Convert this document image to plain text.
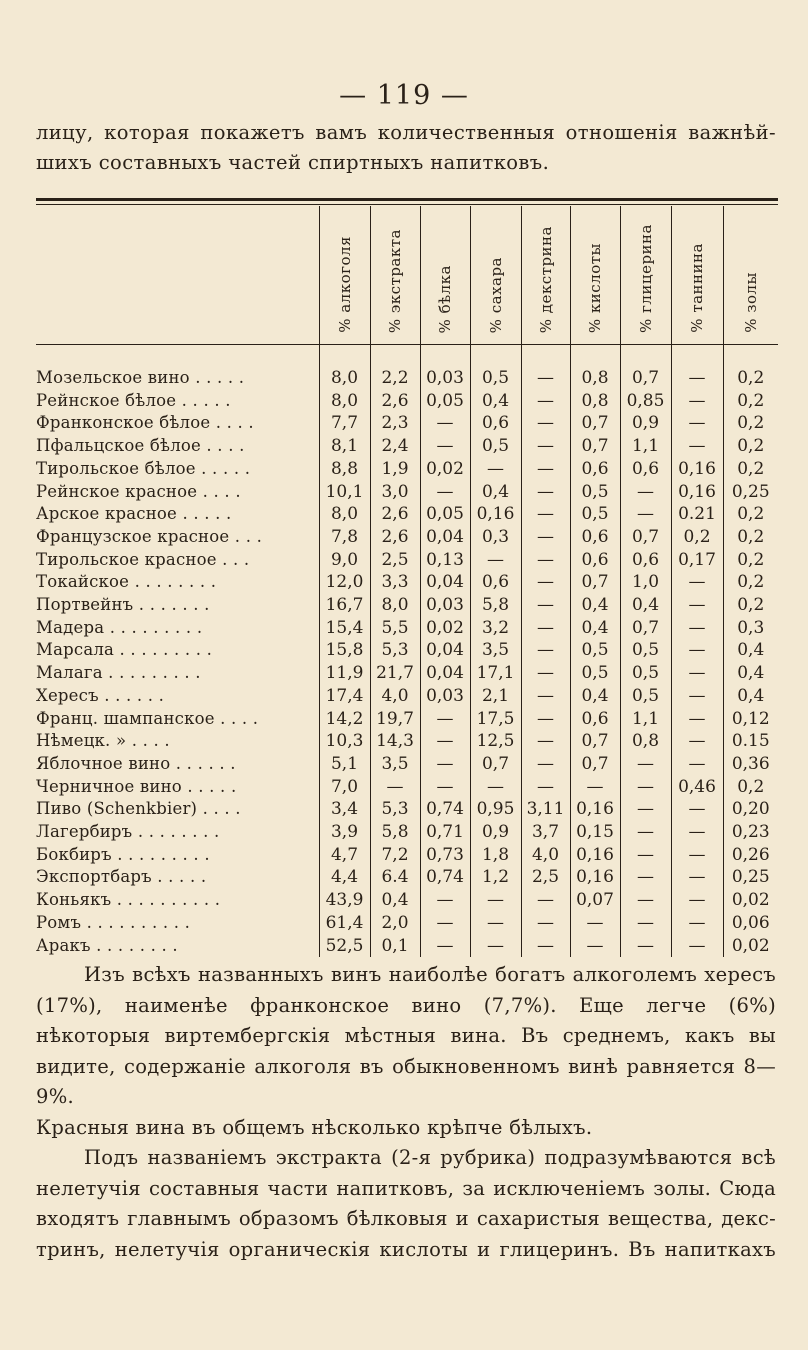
— 119 —
лицу, которая покажетъ вамъ количественныя отношенія важнѣй-
шихъ составныхъ частей спиртныхъ напитковъ.
	% алкоголя	% экстракта	% бѣлка	% сахара	% декстрина	% кислоты	% глицерина	% таннина	% золы
Мозельское вино . . . . .	8,0	2,2	0,03	0,5	—	0,8	0,7	—	0,2
Рейнское бѣлое . . . . .	8,0	2,6	0,05	0,4	—	0,8	0,85	—	0,2
Франконское бѣлое . . . .	7,7	2,3	—	0,6	—	0,7	0,9	—	0,2
Пфальцское бѣлое . . . .	8,1	2,4	—	0,5	—	0,7	1,1	—	0,2
Тирольское бѣлое . . . . .	8,8	1,9	0,02	—	—	0,6	0,6	0,16	0,2
Рейнское красное . . . .	10,1	3,0	—	0,4	—	0,5	—	0,16	0,25
Арское красное . . . . .	8,0	2,6	0,05	0,16	—	0,5	—	0.21	0,2
Французское красное . . .	7,8	2,6	0,04	0,3	—	0,6	0,7	0,2	0,2
Тирольское красное . . .	9,0	2,5	0,13	—	—	0,6	0,6	0,17	0,2
Токайское . . . . . . . .	12,0	3,3	0,04	0,6	—	0,7	1,0	—	0,2
Портвейнъ . . . . . . .	16,7	8,0	0,03	5,8	—	0,4	0,4	—	0,2
Мадера . . . . . . . . .	15,4	5,5	0,02	3,2	—	0,4	0,7	—	0,3
Марсала . . . . . . . . .	15,8	5,3	0,04	3,5	—	0,5	0,5	—	0,4
Малага . . . . . . . . .	11,9	21,7	0,04	17,1	—	0,5	0,5	—	0,4
Хересъ . . . . . .	17,4	4,0	0,03	2,1	—	0,4	0,5	—	0,4
Франц. шампанское . . . .	14,2	19,7	—	17,5	—	0,6	1,1	—	0,12
Нѣмецк. » . . . .	10,3	14,3	—	12,5	—	0,7	0,8	—	0.15
Яблочное вино . . . . . .	5,1	3,5	—	0,7	—	0,7	—	—	0,36
Черничное вино . . . . .	7,0	—	—	—	—	—	—	0,46	0,2
Пиво (Schenkbier) . . . .	3,4	5,3	0,74	0,95	3,11	0,16	—	—	0,20
Лагербиръ . . . . . . . .	3,9	5,8	0,71	0,9	3,7	0,15	—	—	0,23
Бокбиръ . . . . . . . . .	4,7	7,2	0,73	1,8	4,0	0,16	—	—	0,26
Экспортбаръ . . . . .	4,4	6.4	0,74	1,2	2,5	0,16	—	—	0,25
Коньякъ . . . . . . . . . .	43,9	0,4	—	—	—	0,07	—	—	0,02
Ромъ . . . . . . . . . .	61,4	2,0	—	—	—	—	—	—	0,06
Аракъ . . . . . . . .	52,5	0,1	—	—	—	—	—	—	0,02
Изъ всѣхъ названныхъ винъ наиболѣе богатъ алкоголемъ хересъ
(17%), наименѣе франконское вино (7,7%). Еще легче (6%)
нѣкоторыя виртембергскія мѣстныя вина. Въ среднемъ, какъ вы
видите, содержаніе алкоголя въ обыкновенномъ винѣ равняется 8—9%.
Красныя вина въ общемъ нѣсколько крѣпче бѣлыхъ.
Подъ названіемъ экстракта (2-я рубрика) подразумѣваются всѣ
нелетучія составныя части напитковъ, за исключеніемъ золы. Сюда
входятъ главнымъ образомъ бѣлковыя и сахаристыя вещества, декс-
тринъ, нелетучія органическія кислоты и глицеринъ. Въ напиткахъ
